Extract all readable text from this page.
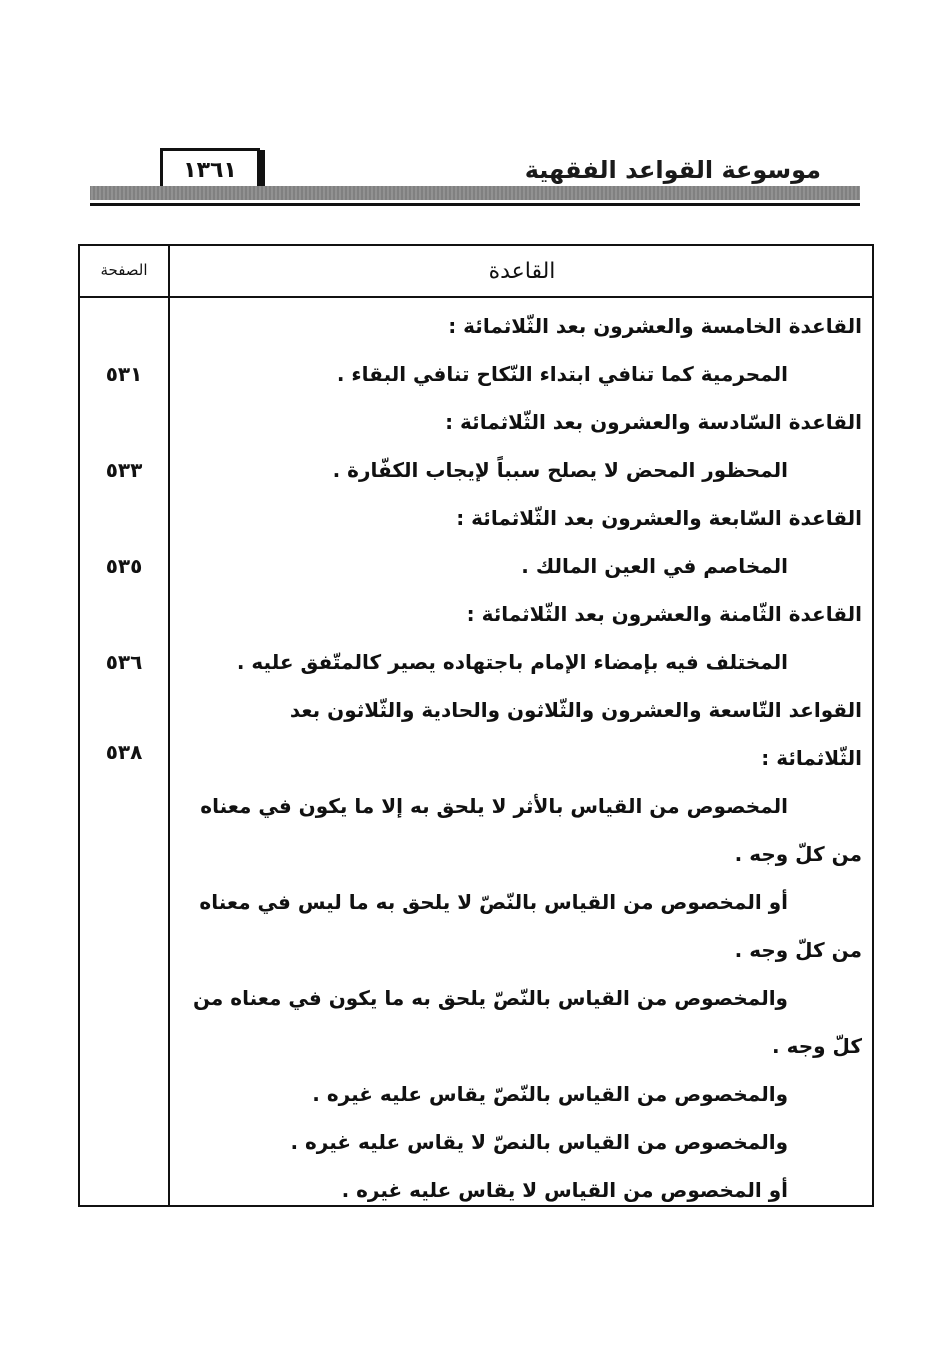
موسوعة القواعد الفقهية
١٣٦١
القاعدة
الصفحة
القاعدة الخامسة والعشرون بعد الثّلاثمائة :
المحرمية كما تنافي ابتداء النّكاح تنافي البقاء .
القاعدة السّادسة والعشرون بعد الثّلاثمائة :
المحظور المحض لا يصلح سبباً لإيجاب الكفّارة .
القاعدة السّابعة والعشرون بعد الثّلاثمائة :
المخاصم في العين المالك .
القاعدة الثّامنة والعشرون بعد الثّلاثمائة :
المختلف فيه بإمضاء الإمام باجتهاده يصير كالمتّفق عليه .
القواعد التّاسعة والعشرون والثّلاثون والحادية والثّلاثون بعد
الثّلاثمائة :
المخصوص من القياس بالأثر لا يلحق به إلا ما يكون في معناه
من كلّ وجه .
أو المخصوص من القياس بالنّصّ لا يلحق به ما ليس في معناه
من كلّ وجه .
والمخصوص من القياس بالنّصّ يلحق به ما يكون في معناه من
كلّ وجه .
والمخصوص من القياس بالنّصّ يقاس عليه غيره .
والمخصوص من القياس بالنصّ لا يقاس عليه غيره .
أو المخصوص من القياس لا يقاس عليه غيره .
٥٣١
٥٣٣
٥٣٥
٥٣٦
٥٣٨
